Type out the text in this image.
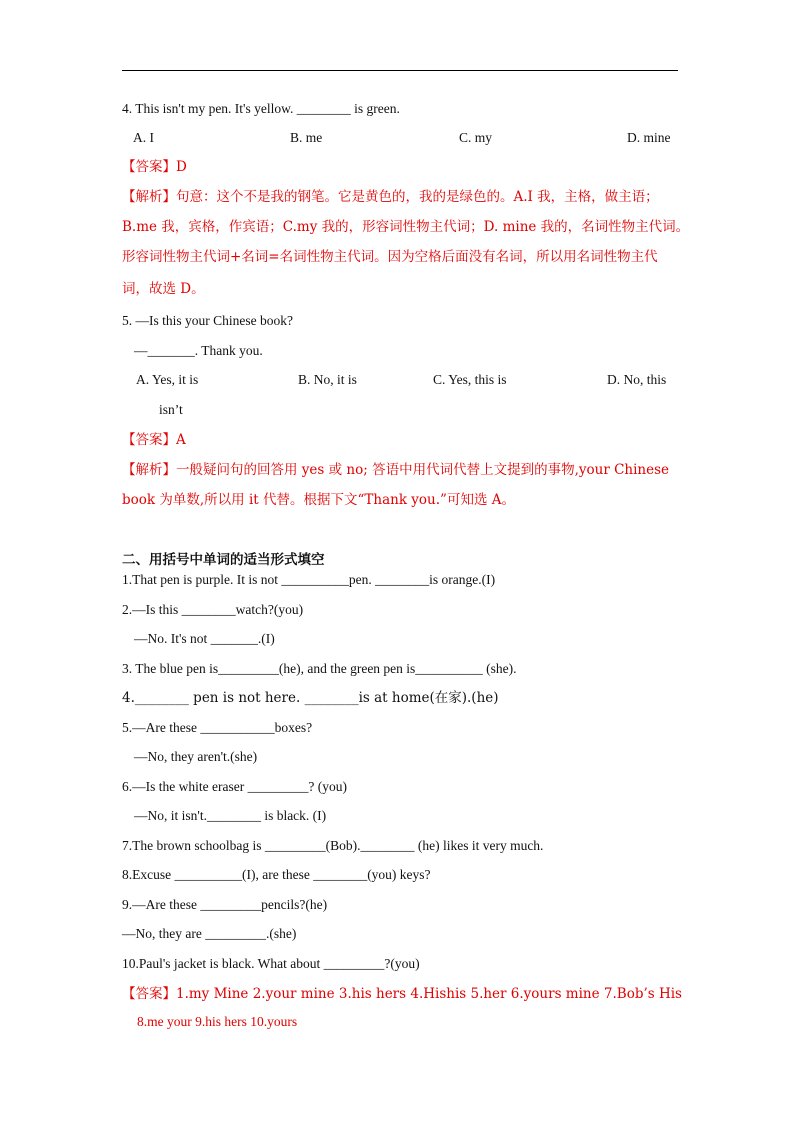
4. This isn't my pen. It's yellow. ________ is green.
A. I	B. me	C. my	D. mine
【答案】D
【解析】句意：这个不是我的钢笔。它是黄色的，我的是绿色的。A.I 我，主格，做主语；
B.me 我，宾格，作宾语；C.my 我的，形容词性物主代词；D. mine 我的，名词性物主代词。
形容词性物主代词+名词=名词性物主代词。因为空格后面没有名词，所以用名词性物主代
词，故选 D。
5. —Is this your Chinese book?
—_______. Thank you.
A. Yes, it is	B. No, it is	C. Yes, this is	D. No, this
isn’t
【答案】A
【解析】一般疑问句的回答用 yes 或 no; 答语中用代词代替上文提到的事物,your Chinese
book 为单数,所以用 it 代替。根据下文“Thank you.”可知选 A。
二、用括号中单词的适当形式填空
1.That pen is purple. It is not __________pen. ________is orange.(I)
2.—Is this ________watch?(you)
—No. It's not _______.(I)
3. The blue pen is_________(he), and the green pen is__________ (she).
4.________ pen is not here. ________is at home(在家).(he)
5.—Are these ___________boxes?
—No, they aren't.(she)
6.—Is the white eraser _________? (you)
—No, it isn't.________ is black. (I)
7.The brown schoolbag is _________(Bob).________ (he) likes it very much.
8.Excuse __________(I), are these ________(you) keys?
9.—Are these _________pencils?(he)
—No, they are _________.(she)
10.Paul's jacket is black. What about _________?(you)
【答案】1.my Mine 2.your mine 3.his hers 4.Hishis 5.her 6.yours mine 7.Bob’s His
8.me your 9.his hers 10.yours
